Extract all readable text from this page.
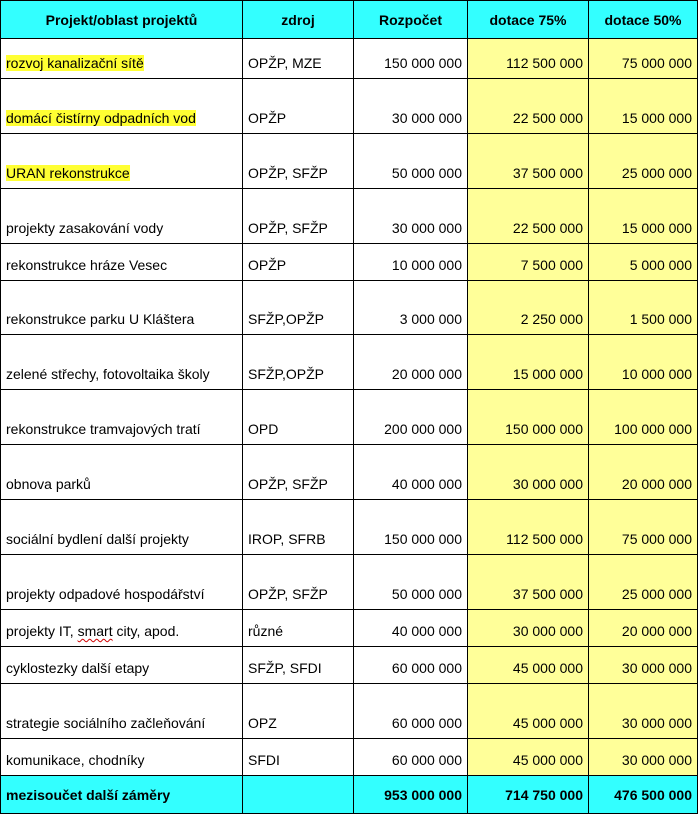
Projekt/oblast projektů	zdroj	Rozpočet	dotace 75%	dotace 50%
rozvoj kanalizační sítě	OPŽP, MZE	150 000 000	112 500 000	75 000 000
domácí čistírny odpadních vod	OPŽP	30 000 000	22 500 000	15 000 000
URAN rekonstrukce	OPŽP, SFŽP	50 000 000	37 500 000	25 000 000
projekty zasakování vody	OPŽP, SFŽP	30 000 000	22 500 000	15 000 000
rekonstrukce hráze Vesec	OPŽP	10 000 000	7 500 000	5 000 000
rekonstrukce parku U Kláštera	SFŽP,OPŽP	3 000 000	2 250 000	1 500 000
zelené střechy, fotovoltaika školy	SFŽP,OPŽP	20 000 000	15 000 000	10 000 000
rekonstrukce tramvajových tratí	OPD	200 000 000	150 000 000	100 000 000
obnova parků	OPŽP, SFŽP	40 000 000	30 000 000	20 000 000
sociální bydlení další projekty	IROP, SFRB	150 000 000	112 500 000	75 000 000
projekty odpadové hospodářství	OPŽP, SFŽP	50 000 000	37 500 000	25 000 000
projekty IT, smart city, apod.	různé	40 000 000	30 000 000	20 000 000
cyklostezky další etapy	SFŽP, SFDI	60 000 000	45 000 000	30 000 000
strategie sociálního začleňování	OPZ	60 000 000	45 000 000	30 000 000
komunikace, chodníky	SFDI	60 000 000	45 000 000	30 000 000
mezisoučet další záměry		953 000 000	714 750 000	476 500 000
